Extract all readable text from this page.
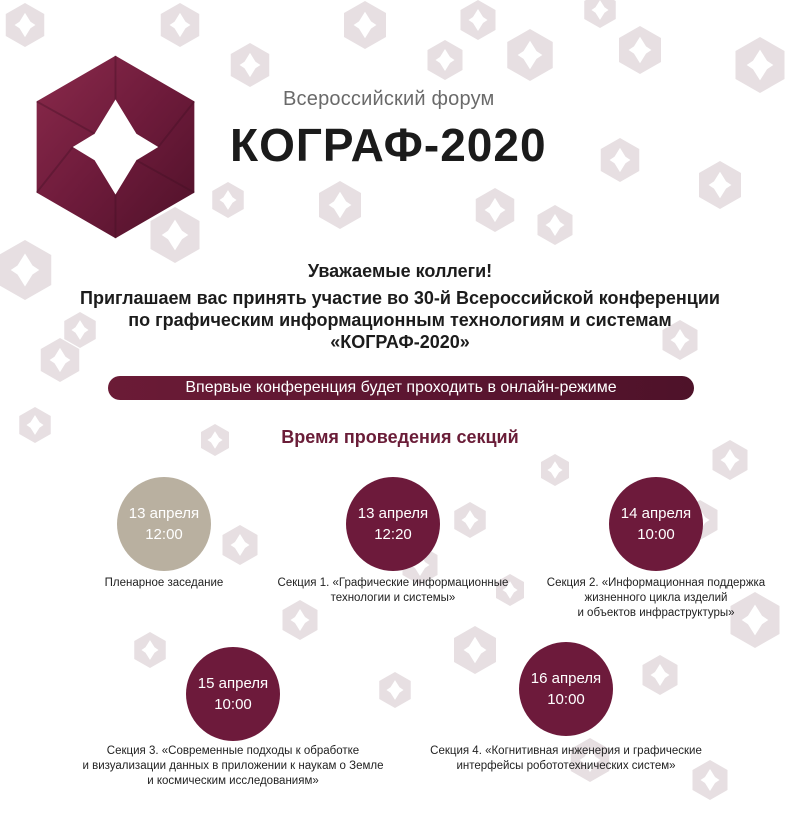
Всероссийский форум
КОГРАФ-2020
Уважаемые коллеги!
Приглашаем вас принять участие во 30-й Всероссийской конференции
по графическим информационным технологиям и системам
«КОГРАФ-2020»
Впервые конференция будет проходить в онлайн-режиме
Время проведения секций
13 апреля
12:00
Пленарное заседание
13 апреля
12:20
Секция 1. «Графические информационные
технологии и системы»
14 апреля
10:00
Секция 2. «Информационная поддержка
жизненного цикла изделий
и объектов инфраструктуры»
15 апреля
10:00
Секция 3. «Современные подходы к обработке
и визуализации данных в приложении к наукам о Земле
и космическим исследованиям»
16 апреля
10:00
Секция 4. «Когнитивная инженерия и графические
интерфейсы робототехнических систем»
